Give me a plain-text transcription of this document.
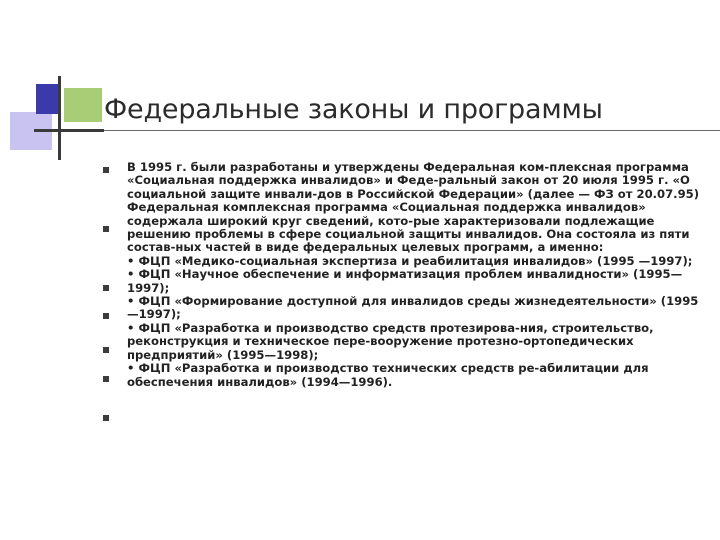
Федеральные законы и программы

В 1995 г. были разработаны и утверждены Федеральная ком-плексная программа «Социальная поддержка инвалидов» и Феде-ральный закон от 20 июля 1995 г. «О социальной защите инвали-дов в Российской Федерации» (далее — ФЗ от 20.07.95)

Федеральная комплексная программа «Социальная поддержка инвалидов» содержала широкий круг сведений, кото-рые характеризовали подлежащие решению проблемы в сфере социальной защиты инвалидов. Она состояла из пяти состав-ных частей в виде федеральных целевых программ, а именно:

• ФЦП «Медико-социальная экспертиза и реабилитация инвалидов» (1995 —1997);

• ФЦП «Научное обеспечение и информатизация проблем инвалидности» (1995—1997);

• ФЦП «Формирование доступной для инвалидов среды жизнедеятельности» (1995—1997);

• ФЦП «Разработка и производство средств протезирова-ния, строительство, реконструкция и техническое пере-вооружение протезно-ортопедических предприятий» (1995—1998);

• ФЦП «Разработка и производство технических средств ре-абилитации для обеспечения инвалидов» (1994—1996).
